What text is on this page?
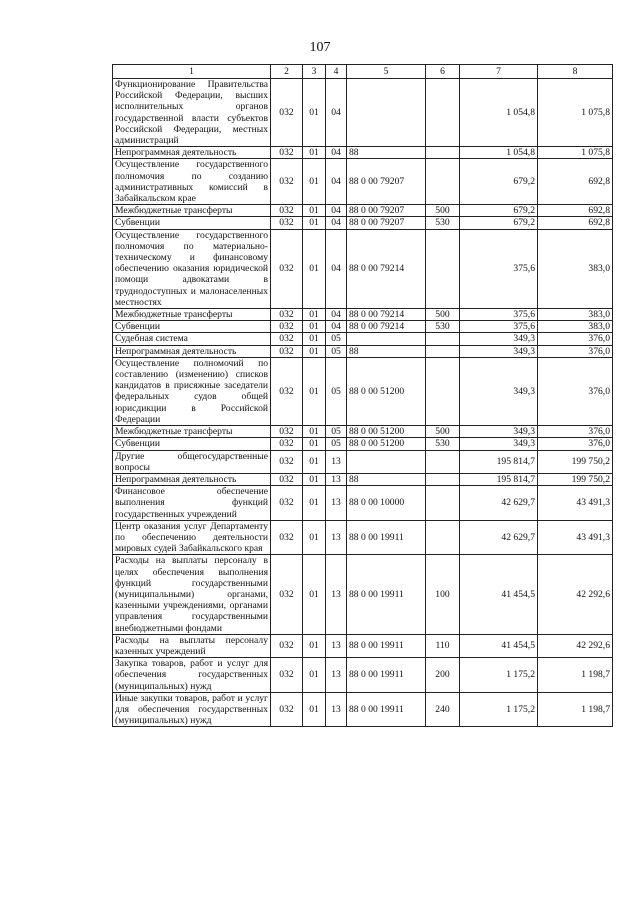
107
1	2	3	4	5	6	7	8
Функционирование Правительства Российской Федерации, высших исполнительных органов государственной власти субъектов Российской Федерации, местных администраций	032	01	04			1 054,8	1 075,8
Непрограммная деятельность	032	01	04	88		1 054,8	1 075,8
Осуществление государственного полномочия по созданию административных комиссий в Забайкальском крае	032	01	04	88 0 00 79207		679,2	692,8
Межбюджетные трансферты	032	01	04	88 0 00 79207	500	679,2	692,8
Субвенции	032	01	04	88 0 00 79207	530	679,2	692,8
Осуществление государственного полномочия по материально-техническому и финансовому обеспечению оказания юридической помощи адвокатами в труднодоступных и малонаселенных местностях	032	01	04	88 0 00 79214		375,6	383,0
Межбюджетные трансферты	032	01	04	88 0 00 79214	500	375,6	383,0
Субвенции	032	01	04	88 0 00 79214	530	375,6	383,0
Судебная система	032	01	05			349,3	376,0
Непрограммная деятельность	032	01	05	88		349,3	376,0
Осуществление полномочий по составлению (изменению) списков кандидатов в присяжные заседатели федеральных судов общей юрисдикции в Российской Федерации	032	01	05	88 0 00 51200		349,3	376,0
Межбюджетные трансферты	032	01	05	88 0 00 51200	500	349,3	376,0
Субвенции	032	01	05	88 0 00 51200	530	349,3	376,0
Другие общегосударственные вопросы	032	01	13			195 814,7	199 750,2
Непрограммная деятельность	032	01	13	88		195 814,7	199 750,2
Финансовое обеспечение выполнения функций государственных учреждений	032	01	13	88 0 00 10000		42 629,7	43 491,3
Центр оказания услуг Департаменту по обеспечению деятельности мировых судей Забайкальского края	032	01	13	88 0 00 19911		42 629,7	43 491,3
Расходы на выплаты персоналу в целях обеспечения выполнения функций государственными (муниципальными) органами, казенными учреждениями, органами управления государственными внебюджетными фондами	032	01	13	88 0 00 19911	100	41 454,5	42 292,6
Расходы на выплаты персоналу казенных учреждений	032	01	13	88 0 00 19911	110	41 454,5	42 292,6
Закупка товаров, работ и услуг для обеспечения государственных (муниципальных) нужд	032	01	13	88 0 00 19911	200	1 175,2	1 198,7
Иные закупки товаров, работ и услуг для обеспечения государственных (муниципальных) нужд	032	01	13	88 0 00 19911	240	1 175,2	1 198,7
